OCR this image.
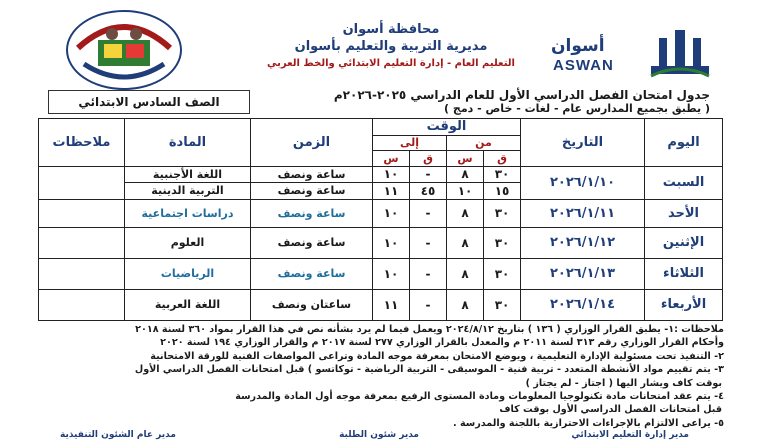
محافظة أسوان
مديرية التربية والتعليم بأسوان
التعليم العام - إدارة التعليم الابتدائي والخط العربي
أسوان
ASWAN
جدول امتحان الفصل الدراسي الأول للعام الدراسي ٢٠٢٥-٢٠٢٦م
( يطبق بجميع المدارس عام - لغات - خاص - دمج )
الصف السادس الابتدائي
اليوم	التاريخ	الوقت				الزمن	المادة	ملاحظات
		من		إلى				
		ق	س	ق	س			
السبت	٢٠٢٦/١/١٠	٣٠	٨	-	١٠	ساعة ونصف	اللغة الأجنبية	
		١٥	١٠	٤٥	١١	ساعة ونصف	التربية الدينية	
الأحد	٢٠٢٦/١/١١	٣٠	٨	-	١٠	ساعة ونصف	دراسات اجتماعية	
الإثنين	٢٠٢٦/١/١٢	٣٠	٨	-	١٠	ساعة ونصف	العلوم	
الثلاثاء	٢٠٢٦/١/١٣	٣٠	٨	-	١٠	ساعة ونصف	الرياضيات	
الأربعاء	٢٠٢٦/١/١٤	٣٠	٨	-	١١	ساعتان ونصف	اللغة العربية	

ملاحظات :١- يطبق القرار الوزاري ( ١٣٦ ) بتاريخ ٢٠٢٤/٨/١٢ ويعمل فيما لم يرد بشأنه نص في هذا القرار بمواد ٣٦٠ لسنة ٢٠١٨

وأحكام القرار الوزاري رقم ٣١٣ لسنة ٢٠١١ م والمعدل بالقرار الوزاري ٢٧٧ لسنة ٢٠١٧ م والقرار الوزاري ١٩٤ لسنة ٢٠٢٠

٢- التنفيذ تحت مسئولية الإدارة التعليمية ، ويوضع الامتحان بمعرفة موجه المادة وتراعى المواصفات الفنية للورقة الامتحانية

٣- يتم تقييم مواد الأنشطة المتعدد - تربية فنية - الموسيقى - التربية الرياضية - توكاتسو ) قبل امتحانات الفصل الدراسي الأول

بوقت كاف ويشار اليها ( اجتاز - لم يجتاز )

٤- يتم عقد امتحانات مادة تكنولوجيا المعلومات ومادة المستوى الرفيع بمعرفة موجه أول المادة والمدرسة

قبل امتحانات الفصل الدراسي الأول بوقت كاف

٥- يراعى الالتزام بالإجراءات الاحترازية باللجنة والمدرسة .

مدير إدارة التعليم الابتدائي
مدير شئون الطلبة
مدير عام الشئون التنفيذية
